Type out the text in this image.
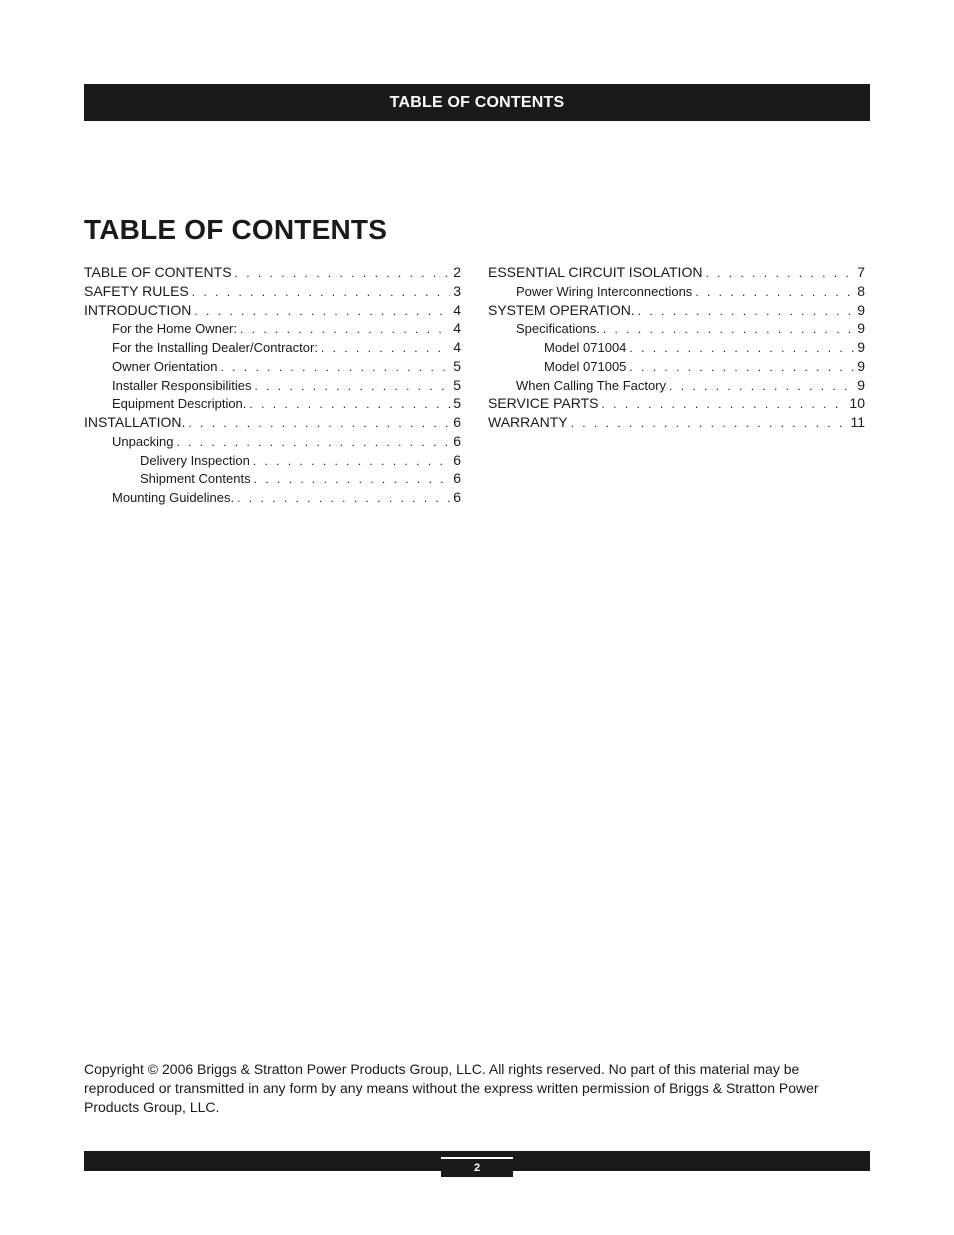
TABLE OF CONTENTS
TABLE OF CONTENTS
TABLE OF CONTENTS . . .	2
SAFETY RULES . . .	3
INTRODUCTION . . .	4
For the Home Owner: . . .	4
For the Installing Dealer/Contractor: . . .	4
Owner Orientation . . .	5
Installer Responsibilities . . .	5
Equipment Description. . . .	5
INSTALLATION. . . .	6
Unpacking . . .	6
Delivery Inspection . . .	6
Shipment Contents . . .	6
Mounting Guidelines. . . .	6
ESSENTIAL CIRCUIT ISOLATION . . .	7
Power Wiring Interconnections . . .	8
SYSTEM OPERATION. . . .	9
Specifications. . . .	9
Model 071004 . . .	9
Model 071005 . . .	9
When Calling The Factory . . .	9
SERVICE PARTS . . .	10
WARRANTY . . .	11

Copyright © 2006 Briggs & Stratton Power Products Group, LLC. All rights reserved. No part of this material may be reproduced or transmitted in any form by any means without the express written permission of Briggs & Stratton Power Products Group, LLC.

2
